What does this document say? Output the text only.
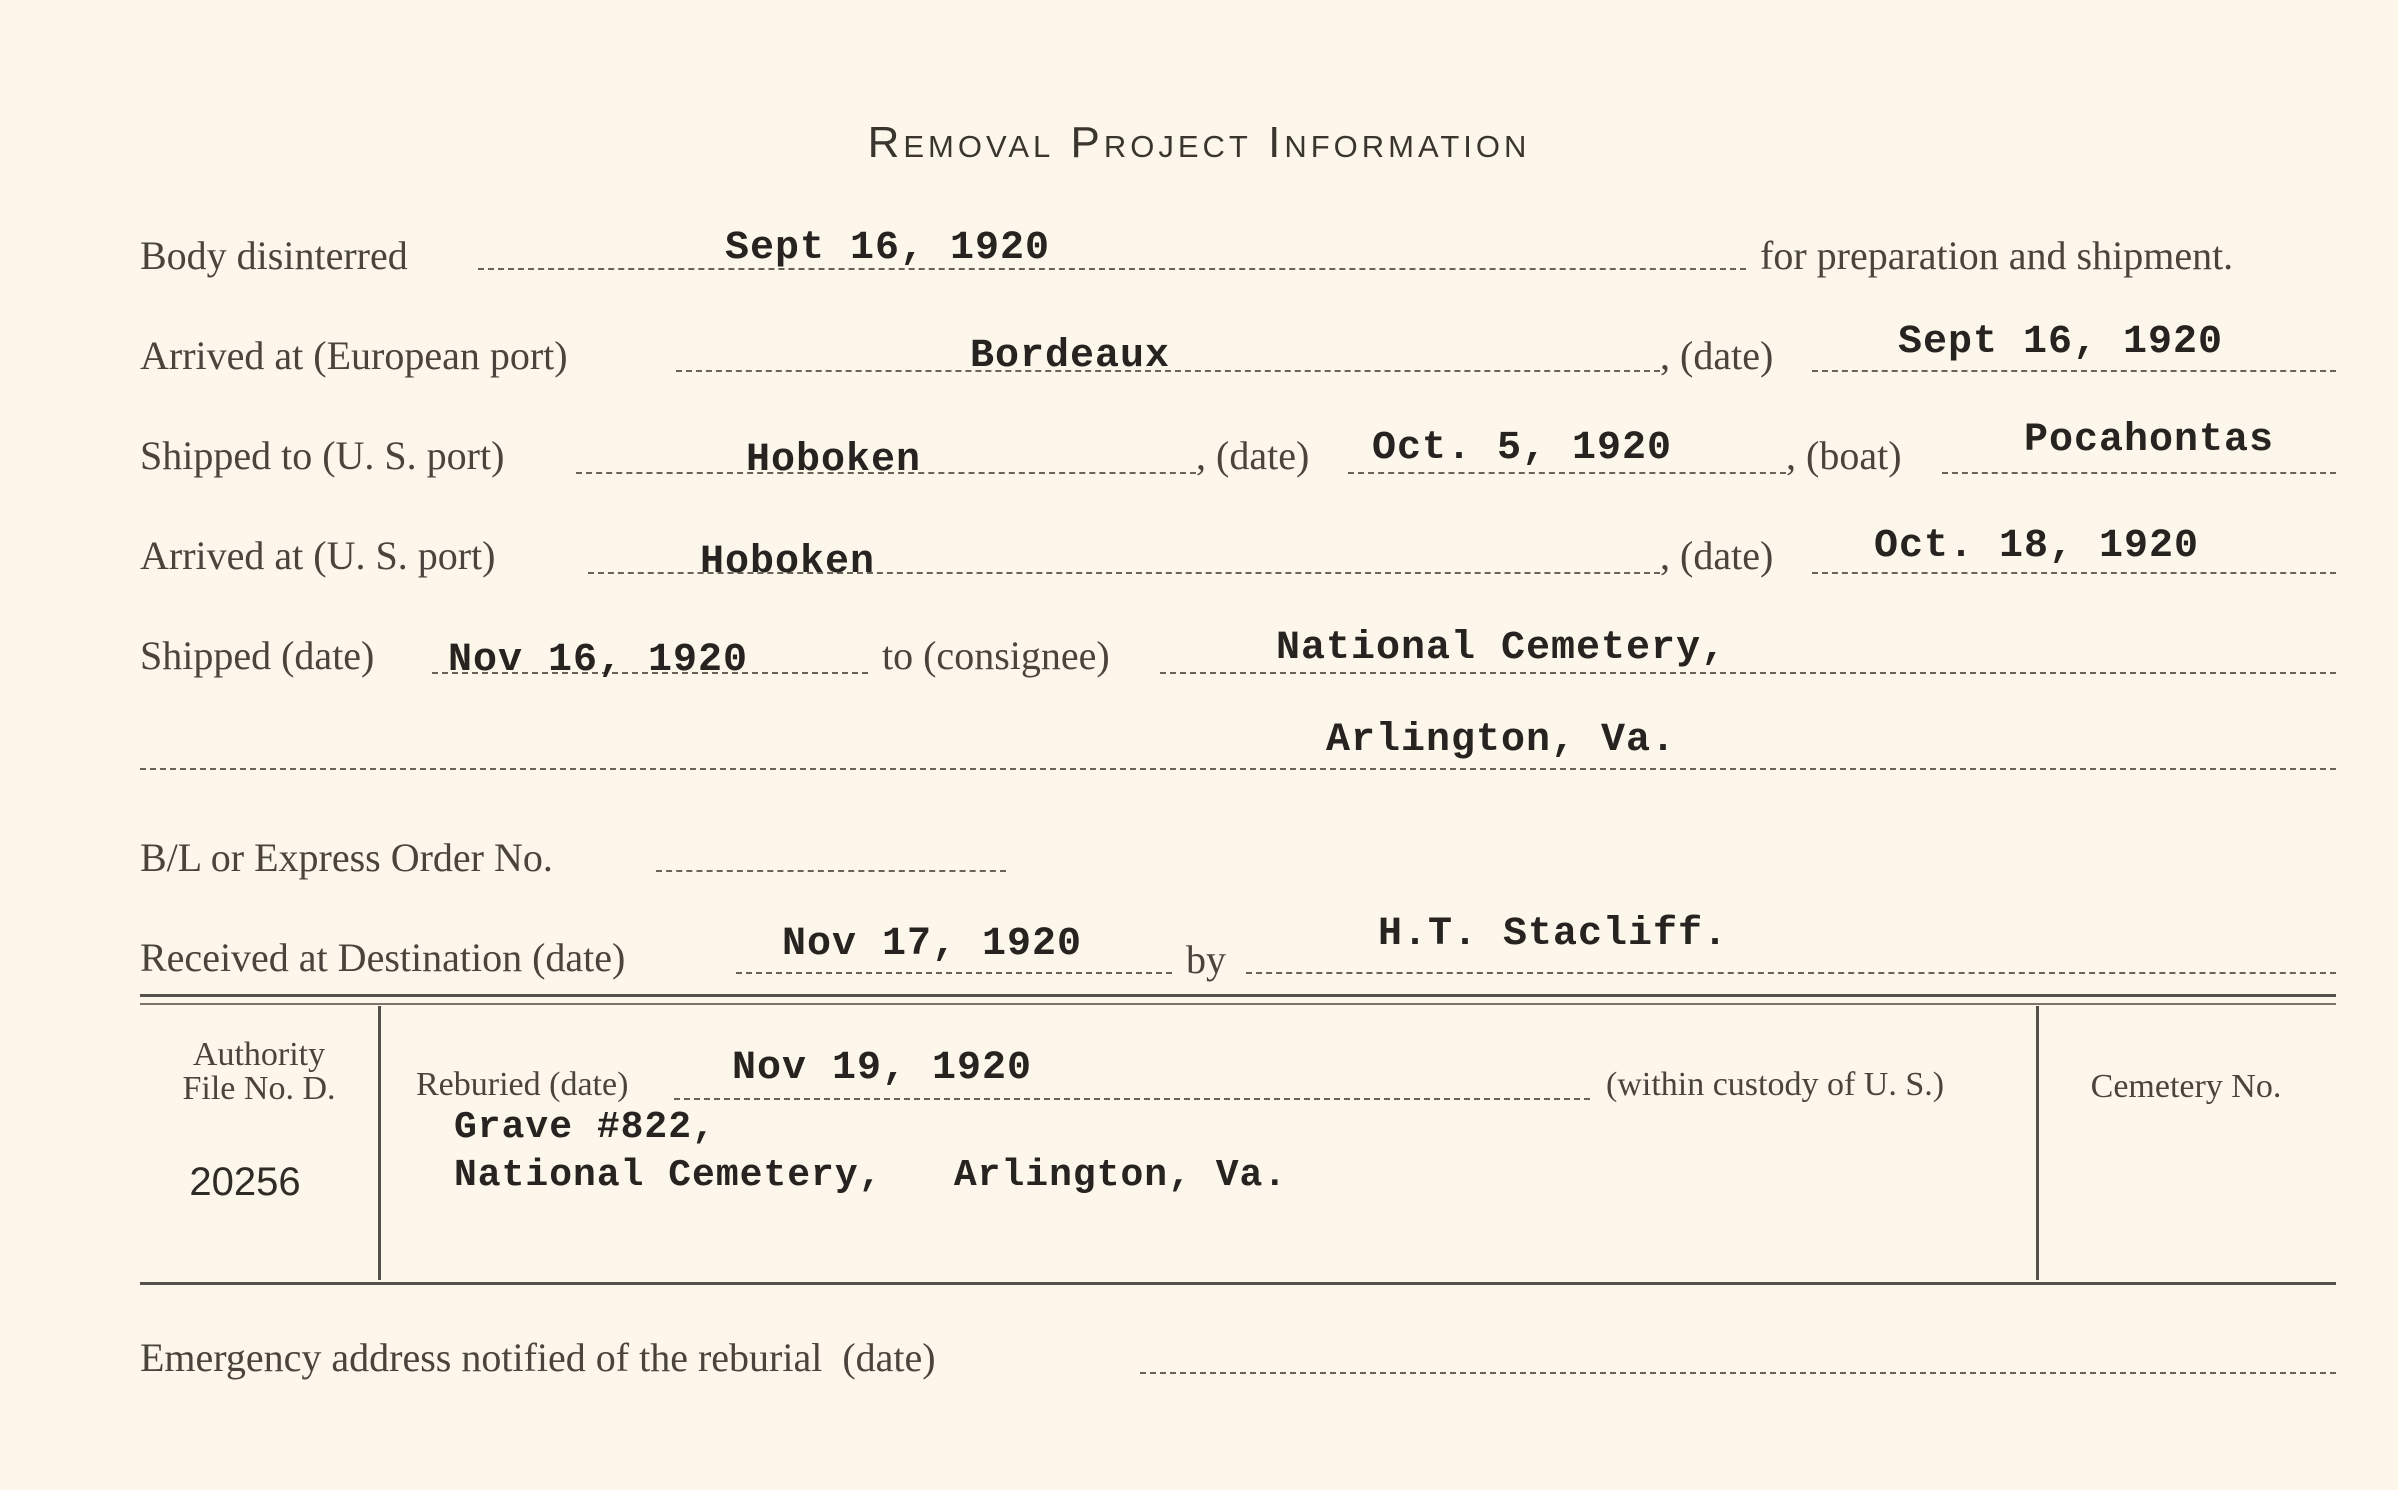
Removal Project Information
Body disinterred	Sept 16, 1920	for preparation and shipment.
Arrived at (European port)	Bordeaux	, (date)	Sept 16, 1920
Shipped to (U. S. port)	Hoboken	, (date) Oct. 5, 1920	, (boat)	Pocahontas
Arrived at (U. S. port)	Hoboken	, (date)	Oct. 18, 1920
Shipped (date) Nov 16, 1920	to (consignee)	National Cemetery,
Arlington, Va.
B/L or Express Order No.
Received at Destination (date)	Nov 17, 1920	by
H.T. Stacliff.
Authority
File No. D.
20256
Reburied (date)	Nov 19, 1920	(within custody of U. S.)
Grave #822,
National Cemetery,   Arlington, Va.
Cemetery No.
Emergency address notified of the reburial  (date)
